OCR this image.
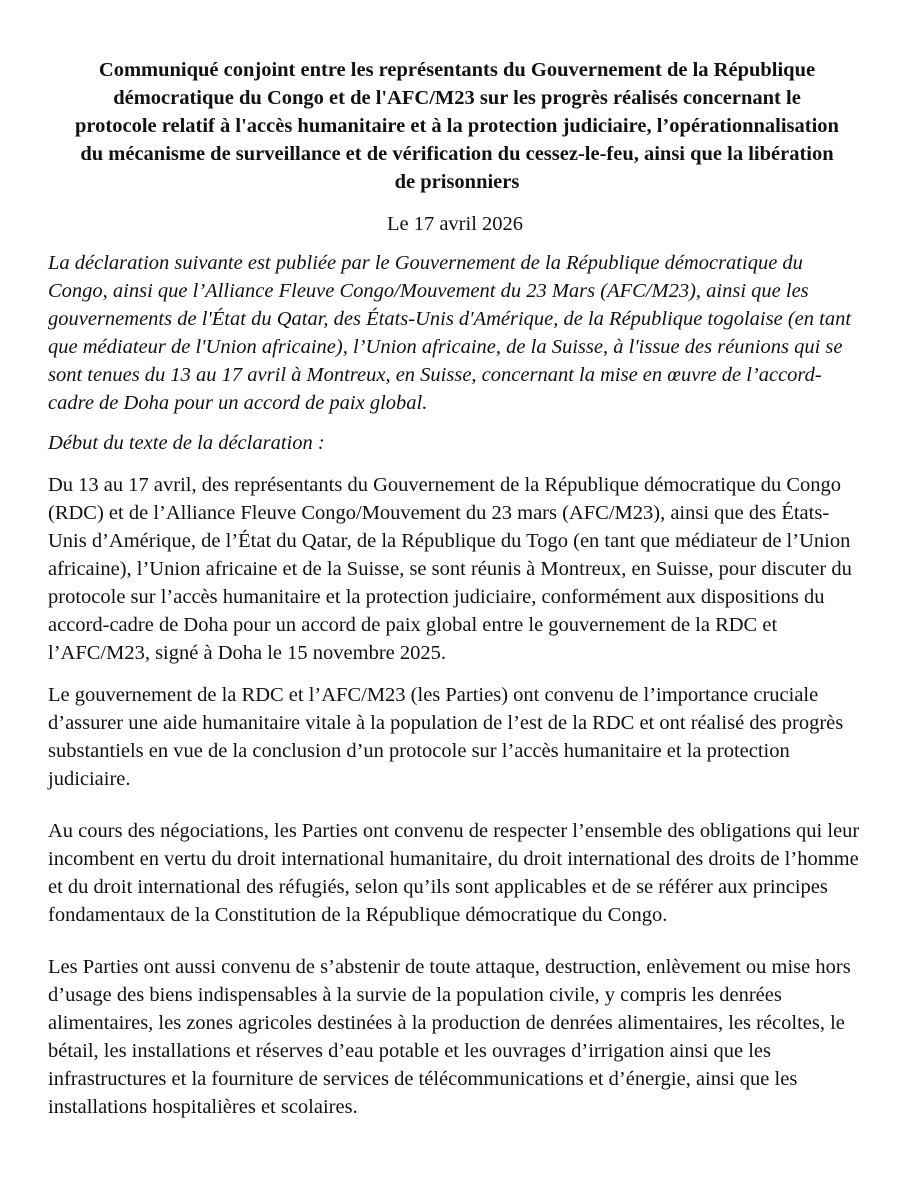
Communiqué conjoint entre les représentants du Gouvernement de la République démocratique du Congo et de l'AFC/M23 sur les progrès réalisés concernant le protocole relatif à l'accès humanitaire et à la protection judiciaire, l’opérationnalisation du mécanisme de surveillance et de vérification du cessez-le-feu, ainsi que la libération de prisonniers
Le 17 avril 2026

La déclaration suivante est publiée par le Gouvernement de la République démocratique du Congo, ainsi que l’Alliance Fleuve Congo/Mouvement du 23 Mars (AFC/M23), ainsi que les gouvernements de l'État du Qatar, des États-Unis d'Amérique, de la République togolaise (en tant que médiateur de l'Union africaine), l’Union africaine, de la Suisse, à l'issue des réunions qui se sont tenues du 13 au 17 avril à Montreux, en Suisse, concernant la mise en œuvre de l’accord-cadre de Doha pour un accord de paix global.

Début du texte de la déclaration :

Du 13 au 17 avril, des représentants du Gouvernement de la République démocratique du Congo (RDC) et de l’Alliance Fleuve Congo/Mouvement du 23 mars (AFC/M23), ainsi que des États-Unis d’Amérique, de l’État du Qatar, de la République du Togo (en tant que médiateur de l’Union africaine), l’Union africaine et de la Suisse, se sont réunis à Montreux, en Suisse, pour discuter du protocole sur l’accès humanitaire et la protection judiciaire, conformément aux dispositions du accord-cadre de Doha pour un accord de paix global entre le gouvernement de la RDC et l’AFC/M23, signé à Doha le 15 novembre 2025.

Le gouvernement de la RDC et l’AFC/M23 (les Parties) ont convenu de l’importance cruciale d’assurer une aide humanitaire vitale à la population de l’est de la RDC et ont réalisé des progrès substantiels en vue de la conclusion d’un protocole sur l’accès humanitaire et la protection judiciaire.

Au cours des négociations, les Parties ont convenu de respecter l’ensemble des obligations qui leur incombent en vertu du droit international humanitaire, du droit international des droits de l’homme et du droit international des réfugiés, selon qu’ils sont applicables et de se référer aux principes fondamentaux de la Constitution de la République démocratique du Congo.

Les Parties ont aussi convenu de s’abstenir de toute attaque, destruction, enlèvement ou mise hors d’usage des biens indispensables à la survie de la population civile, y compris les denrées alimentaires, les zones agricoles destinées à la production de denrées alimentaires, les récoltes, le bétail, les installations et réserves d’eau potable et les ouvrages d’irrigation ainsi que les infrastructures et la fourniture de services de télécommunications et d’énergie, ainsi que les installations hospitalières et scolaires.
